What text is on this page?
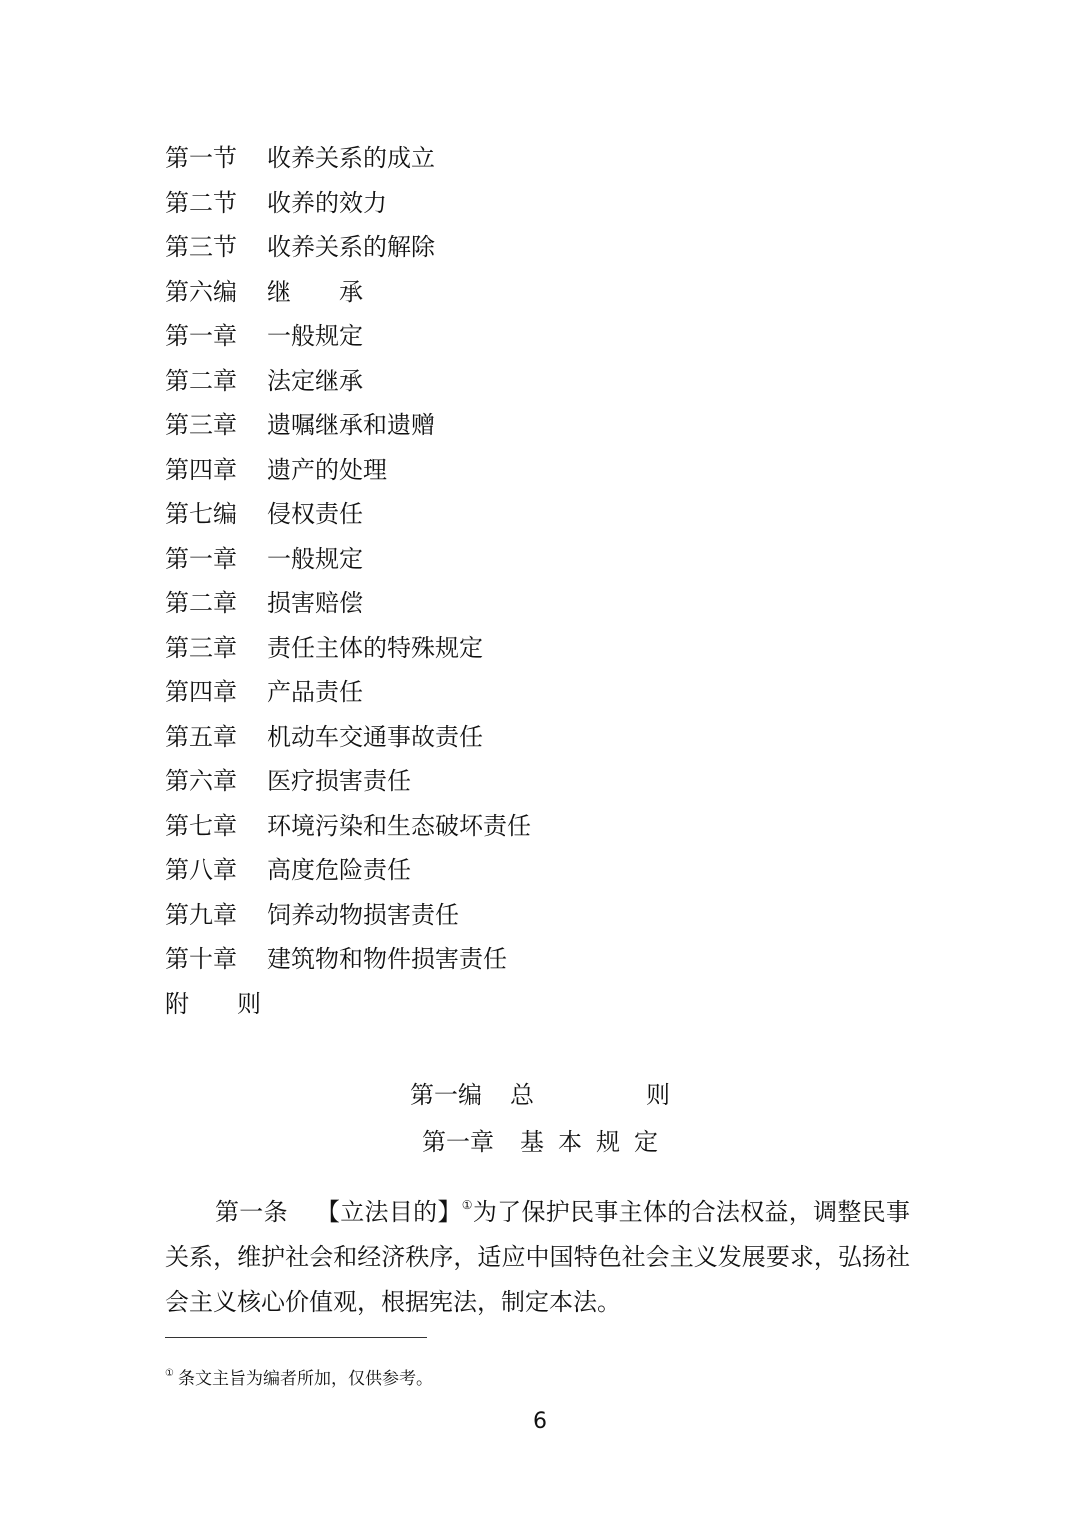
第一节	收养关系的成立
第二节	收养的效力
第三节	收养关系的解除
第六编	继　　承
第一章	一般规定
第二章	法定继承
第三章	遗嘱继承和遗赠
第四章	遗产的处理
第七编	侵权责任
第一章	一般规定
第二章	损害赔偿
第三章	责任主体的特殊规定
第四章	产品责任
第五章	机动车交通事故责任
第六章	医疗损害责任
第七章	环境污染和生态破坏责任
第八章	高度危险责任
第九章	饲养动物损害责任
第十章	建筑物和物件损害责任
附　　则
第一编 总　则
第一章 基本规定

第一条 【立法目的】①为了保护民事主体的合法权益，调整民事关系，维护社会和经济秩序，适应中国特色社会主义发展要求，弘扬社会主义核心价值观，根据宪法，制定本法。

① 条文主旨为编者所加，仅供参考。
6
